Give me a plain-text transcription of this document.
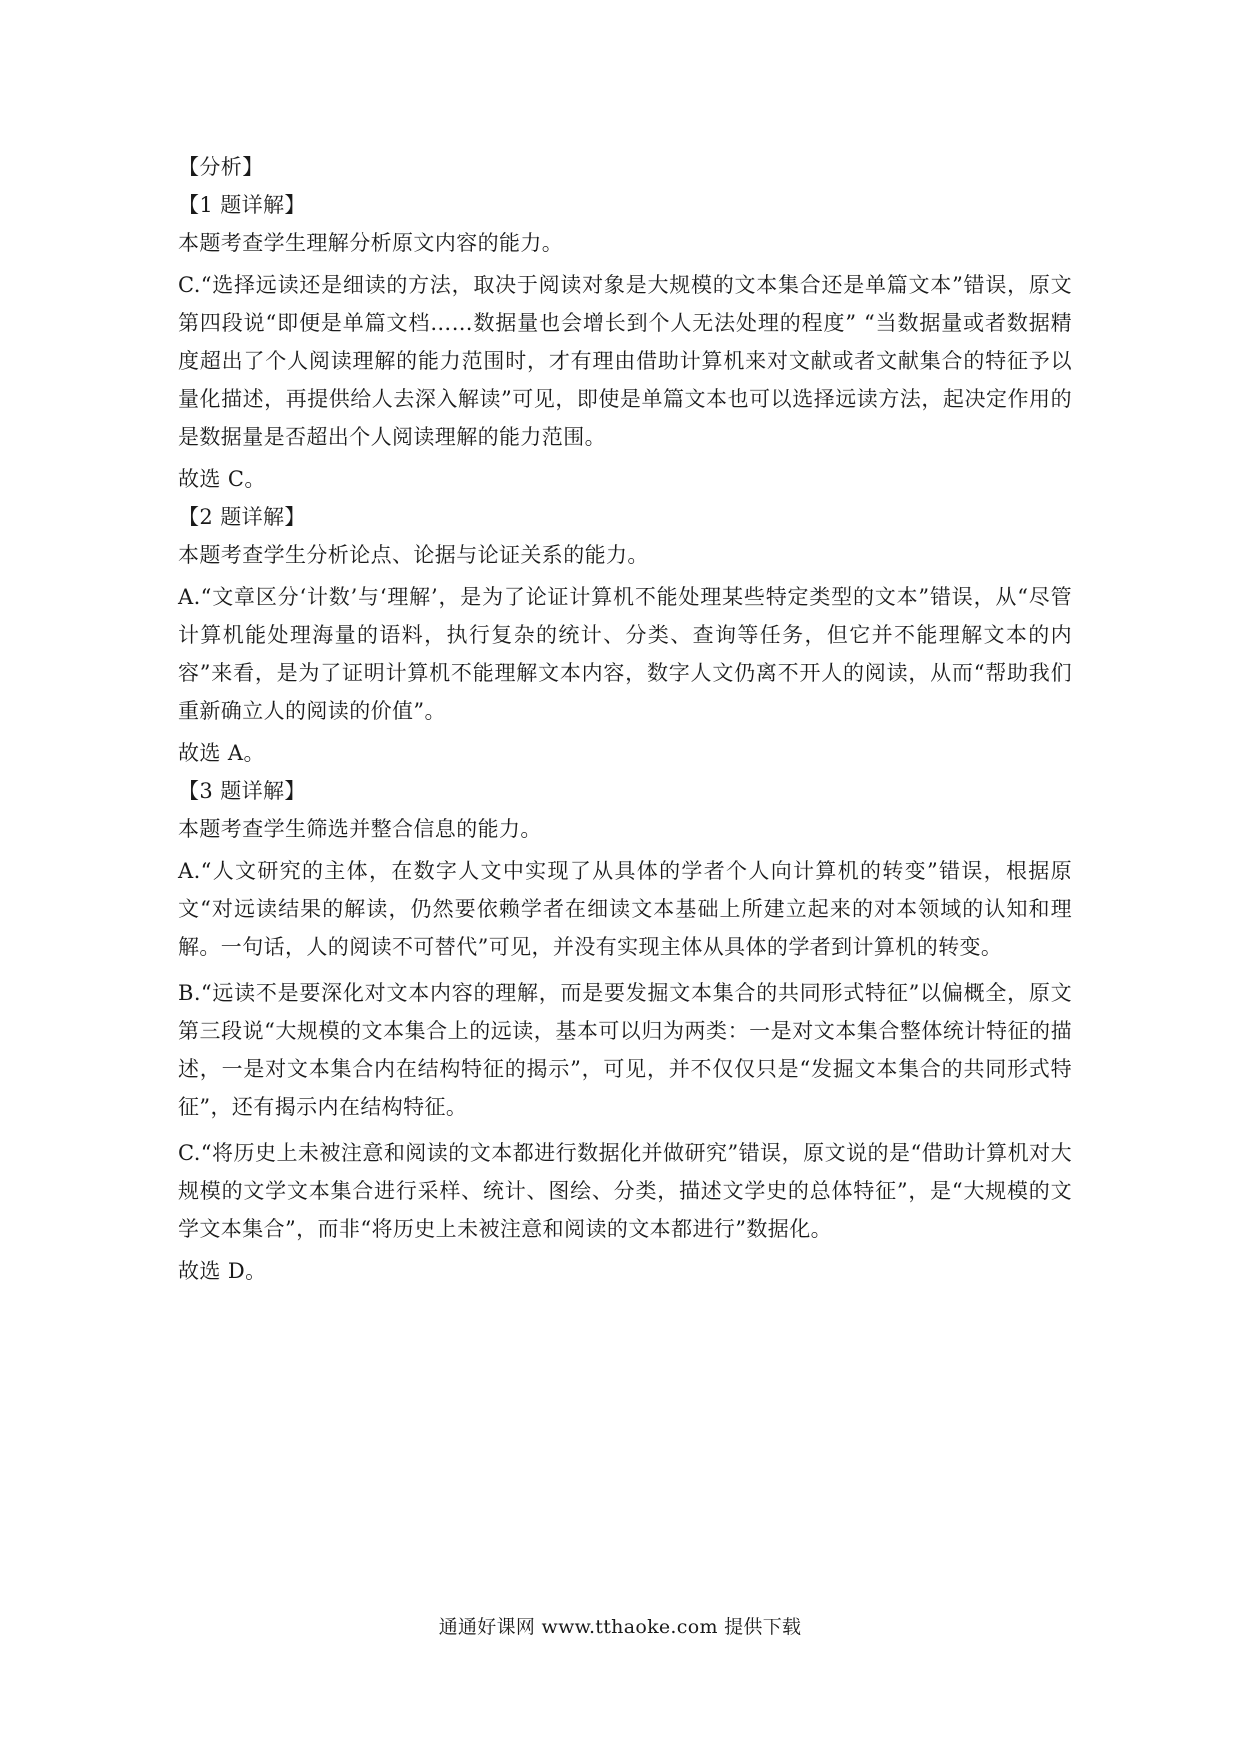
【分析】
【1 题详解】
本题考查学生理解分析原文内容的能力。
C.“选择远读还是细读的方法，取决于阅读对象是大规模的文本集合还是单篇文本”错误，原文第四段说“即便是单篇文档……数据量也会增长到个人无法处理的程度” “当数据量或者数据精度超出了个人阅读理解的能力范围时，才有理由借助计算机来对文献或者文献集合的特征予以量化描述，再提供给人去深入解读”可见，即使是单篇文本也可以选择远读方法，起决定作用的是数据量是否超出个人阅读理解的能力范围。
故选 C。
【2 题详解】
本题考查学生分析论点、论据与论证关系的能力。
A.“文章区分‘计数’与‘理解’，是为了论证计算机不能处理某些特定类型的文本”错误，从“尽管计算机能处理海量的语料，执行复杂的统计、分类、查询等任务，但它并不能理解文本的内容”来看，是为了证明计算机不能理解文本内容，数字人文仍离不开人的阅读，从而“帮助我们重新确立人的阅读的价值”。
故选 A。
【3 题详解】
本题考查学生筛选并整合信息的能力。
A.“人文研究的主体，在数字人文中实现了从具体的学者个人向计算机的转变”错误，根据原文“对远读结果的解读，仍然要依赖学者在细读文本基础上所建立起来的对本领域的认知和理解。一句话，人的阅读不可替代”可见，并没有实现主体从具体的学者到计算机的转变。
B.“远读不是要深化对文本内容的理解，而是要发掘文本集合的共同形式特征”以偏概全，原文第三段说“大规模的文本集合上的远读，基本可以归为两类：一是对文本集合整体统计特征的描述，一是对文本集合内在结构特征的揭示”，可见，并不仅仅只是“发掘文本集合的共同形式特征”，还有揭示内在结构特征。
C.“将历史上未被注意和阅读的文本都进行数据化并做研究”错误，原文说的是“借助计算机对大规模的文学文本集合进行采样、统计、图绘、分类，描述文学史的总体特征”，是“大规模的文学文本集合”，而非“将历史上未被注意和阅读的文本都进行”数据化。
故选 D。
通通好课网 www.tthaoke.com 提供下载
